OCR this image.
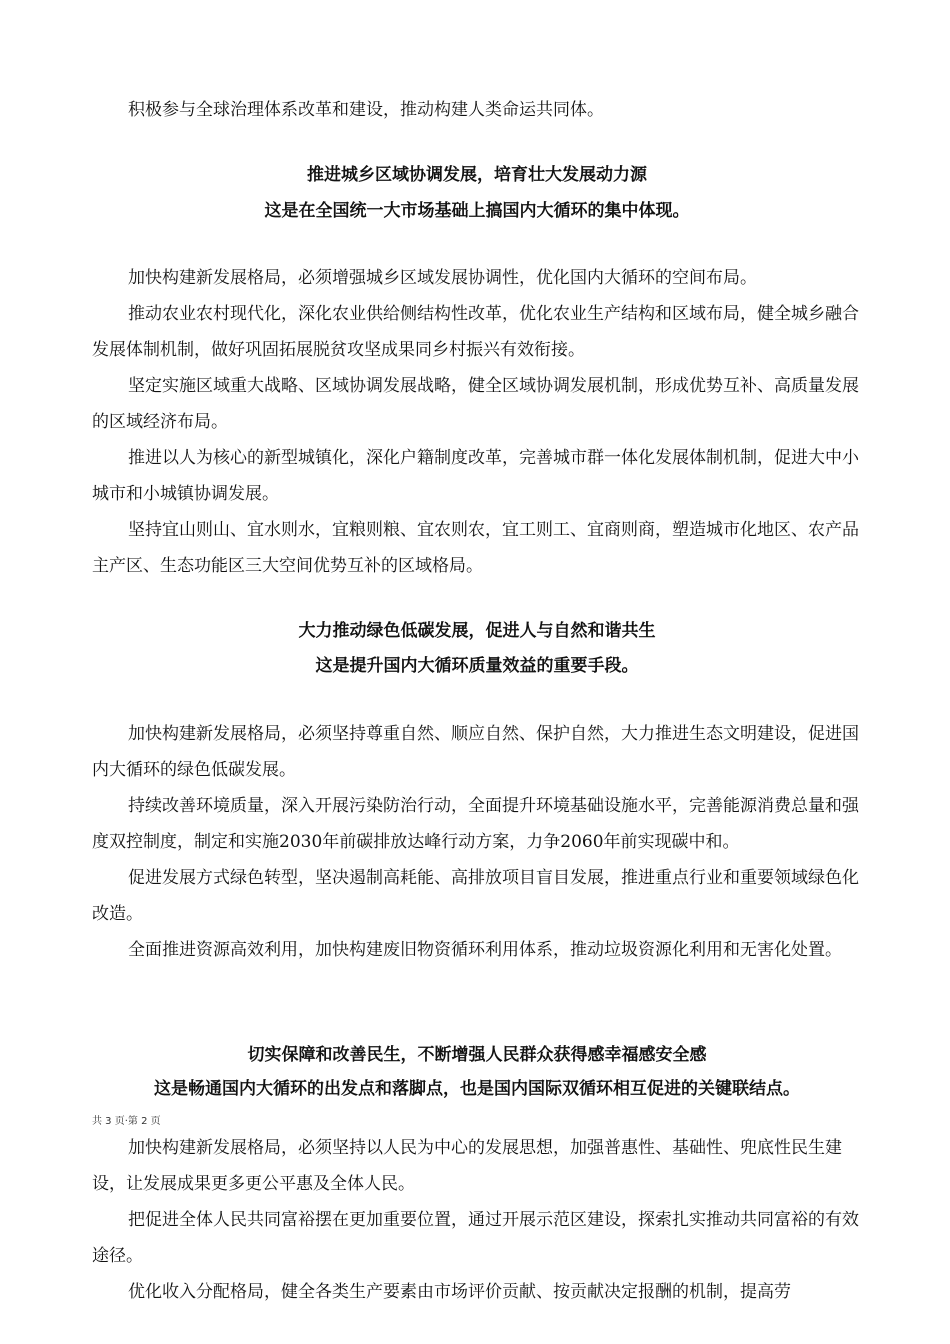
积极参与全球治理体系改革和建设，推动构建人类命运共同体。

推进城乡区域协调发展，培育壮大发展动力源

这是在全国统一大市场基础上搞国内大循环的集中体现。

加快构建新发展格局，必须增强城乡区域发展协调性，优化国内大循环的空间布局。

推动农业农村现代化，深化农业供给侧结构性改革，优化农业生产结构和区域布局，健全城乡融合发展体制机制，做好巩固拓展脱贫攻坚成果同乡村振兴有效衔接。

坚定实施区域重大战略、区域协调发展战略，健全区域协调发展机制，形成优势互补、高质量发展的区域经济布局。

推进以人为核心的新型城镇化，深化户籍制度改革，完善城市群一体化发展体制机制，促进大中小城市和小城镇协调发展。

坚持宜山则山、宜水则水，宜粮则粮、宜农则农，宜工则工、宜商则商，塑造城市化地区、农产品主产区、生态功能区三大空间优势互补的区域格局。

大力推动绿色低碳发展，促进人与自然和谐共生

这是提升国内大循环质量效益的重要手段。

加快构建新发展格局，必须坚持尊重自然、顺应自然、保护自然，大力推进生态文明建设，促进国内大循环的绿色低碳发展。

持续改善环境质量，深入开展污染防治行动，全面提升环境基础设施水平，完善能源消费总量和强度双控制度，制定和实施2030年前碳排放达峰行动方案，力争2060年前实现碳中和。

促进发展方式绿色转型，坚决遏制高耗能、高排放项目盲目发展，推进重点行业和重要领域绿色化改造。

全面推进资源高效利用，加快构建废旧物资循环利用体系，推动垃圾资源化利用和无害化处置。

切实保障和改善民生，不断增强人民群众获得感幸福感安全感

这是畅通国内大循环的出发点和落脚点，也是国内国际双循环相互促进的关键联结点。

共 3 页·第 2 页

加快构建新发展格局，必须坚持以人民为中心的发展思想，加强普惠性、基础性、兜底性民生建设，让发展成果更多更公平惠及全体人民。

把促进全体人民共同富裕摆在更加重要位置，通过开展示范区建设，探索扎实推动共同富裕的有效途径。

优化收入分配格局，健全各类生产要素由市场评价贡献、按贡献决定报酬的机制，提高劳
